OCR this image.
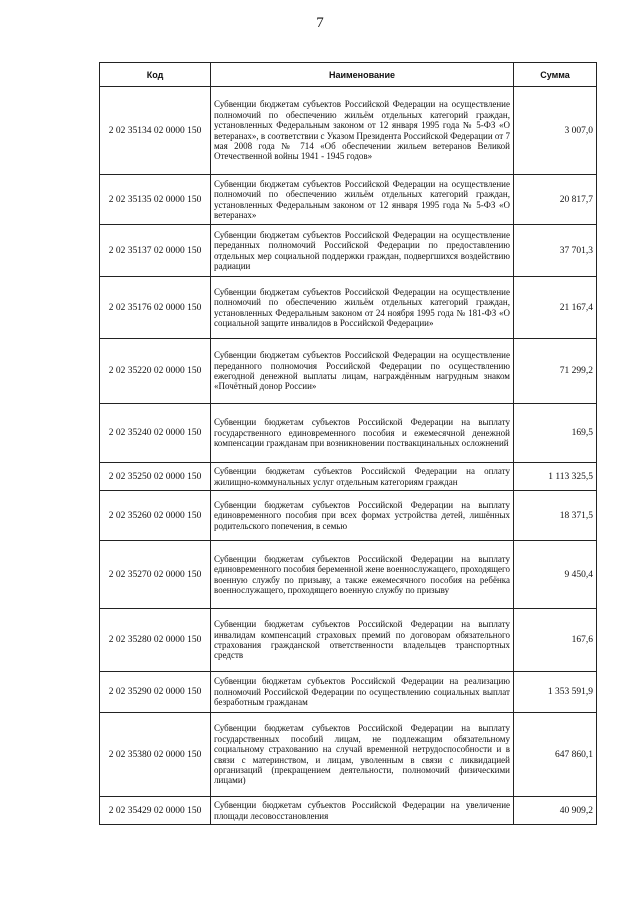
7
Код	Наименование	Сумма
2 02 35134 02 0000 150	Субвенции бюджетам субъектов Российской Федерации на осуществление полномочий по обеспечению жильём отдельных категорий граждан, установленных Федеральным законом от 12 января 1995 года № 5-ФЗ «О ветеранах», в соответствии с Указом Президента Российской Федерации от 7 мая 2008 года № 714 «Об обеспечении жильем ветеранов Великой Отечественной войны 1941 - 1945 годов»	3 007,0
2 02 35135 02 0000 150	Субвенции бюджетам субъектов Российской Федерации на осуществление полномочий по обеспечению жильём отдельных категорий граждан, установленных Федеральным законом от 12 января 1995 года № 5-ФЗ «О ветеранах»	20 817,7
2 02 35137 02 0000 150	Субвенции бюджетам субъектов Российской Федерации на осуществление переданных полномочий Российской Федерации по предоставлению отдельных мер социальной поддержки граждан, подвергшихся воздействию радиации	37 701,3
2 02 35176 02 0000 150	Субвенции бюджетам субъектов Российской Федерации на осуществление полномочий по обеспечению жильём отдельных категорий граждан, установленных Федеральным законом от 24 ноября 1995 года № 181-ФЗ «О социальной защите инвалидов в Российской Федерации»	21 167,4
2 02 35220 02 0000 150	Субвенции бюджетам субъектов Российской Федерации на осуществление переданного полномочия Российской Федерации по осуществлению ежегодной денежной выплаты лицам, награждённым нагрудным знаком «Почётный донор России»	71 299,2
2 02 35240 02 0000 150	Субвенции бюджетам субъектов Российской Федерации на выплату государственного единовременного пособия и ежемесячной денежной компенсации гражданам при возникновении поствакцинальных осложнений	169,5
2 02 35250 02 0000 150	Субвенции бюджетам субъектов Российской Федерации на оплату жилищно-коммунальных услуг отдельным категориям граждан	1 113 325,5
2 02 35260 02 0000 150	Субвенции бюджетам субъектов Российской Федерации на выплату единовременного пособия при всех формах устройства детей, лишённых родительского попечения, в семью	18 371,5
2 02 35270 02 0000 150	Субвенции бюджетам субъектов Российской Федерации на выплату единовременного пособия беременной жене военнослужащего, проходящего военную службу по призыву, а также ежемесячного пособия на ребёнка военнослужащего, проходящего военную службу по призыву	9 450,4
2 02 35280 02 0000 150	Субвенции бюджетам субъектов Российской Федерации на выплату инвалидам компенсаций страховых премий по договорам обязательного страхования гражданской ответственности владельцев транспортных средств	167,6
2 02 35290 02 0000 150	Субвенции бюджетам субъектов Российской Федерации на реализацию полномочий Российской Федерации по осуществлению социальных выплат безработным гражданам	1 353 591,9
2 02 35380 02 0000 150	Субвенции бюджетам субъектов Российской Федерации на выплату государственных пособий лицам, не подлежащим обязательному социальному страхованию на случай временной нетрудоспособности и в связи с материнством, и лицам, уволенным в связи с ликвидацией организаций (прекращением деятельности, полномочий физическими лицами)	647 860,1
2 02 35429 02 0000 150	Субвенции бюджетам субъектов Российской Федерации на увеличение площади лесовосстановления	40 909,2
